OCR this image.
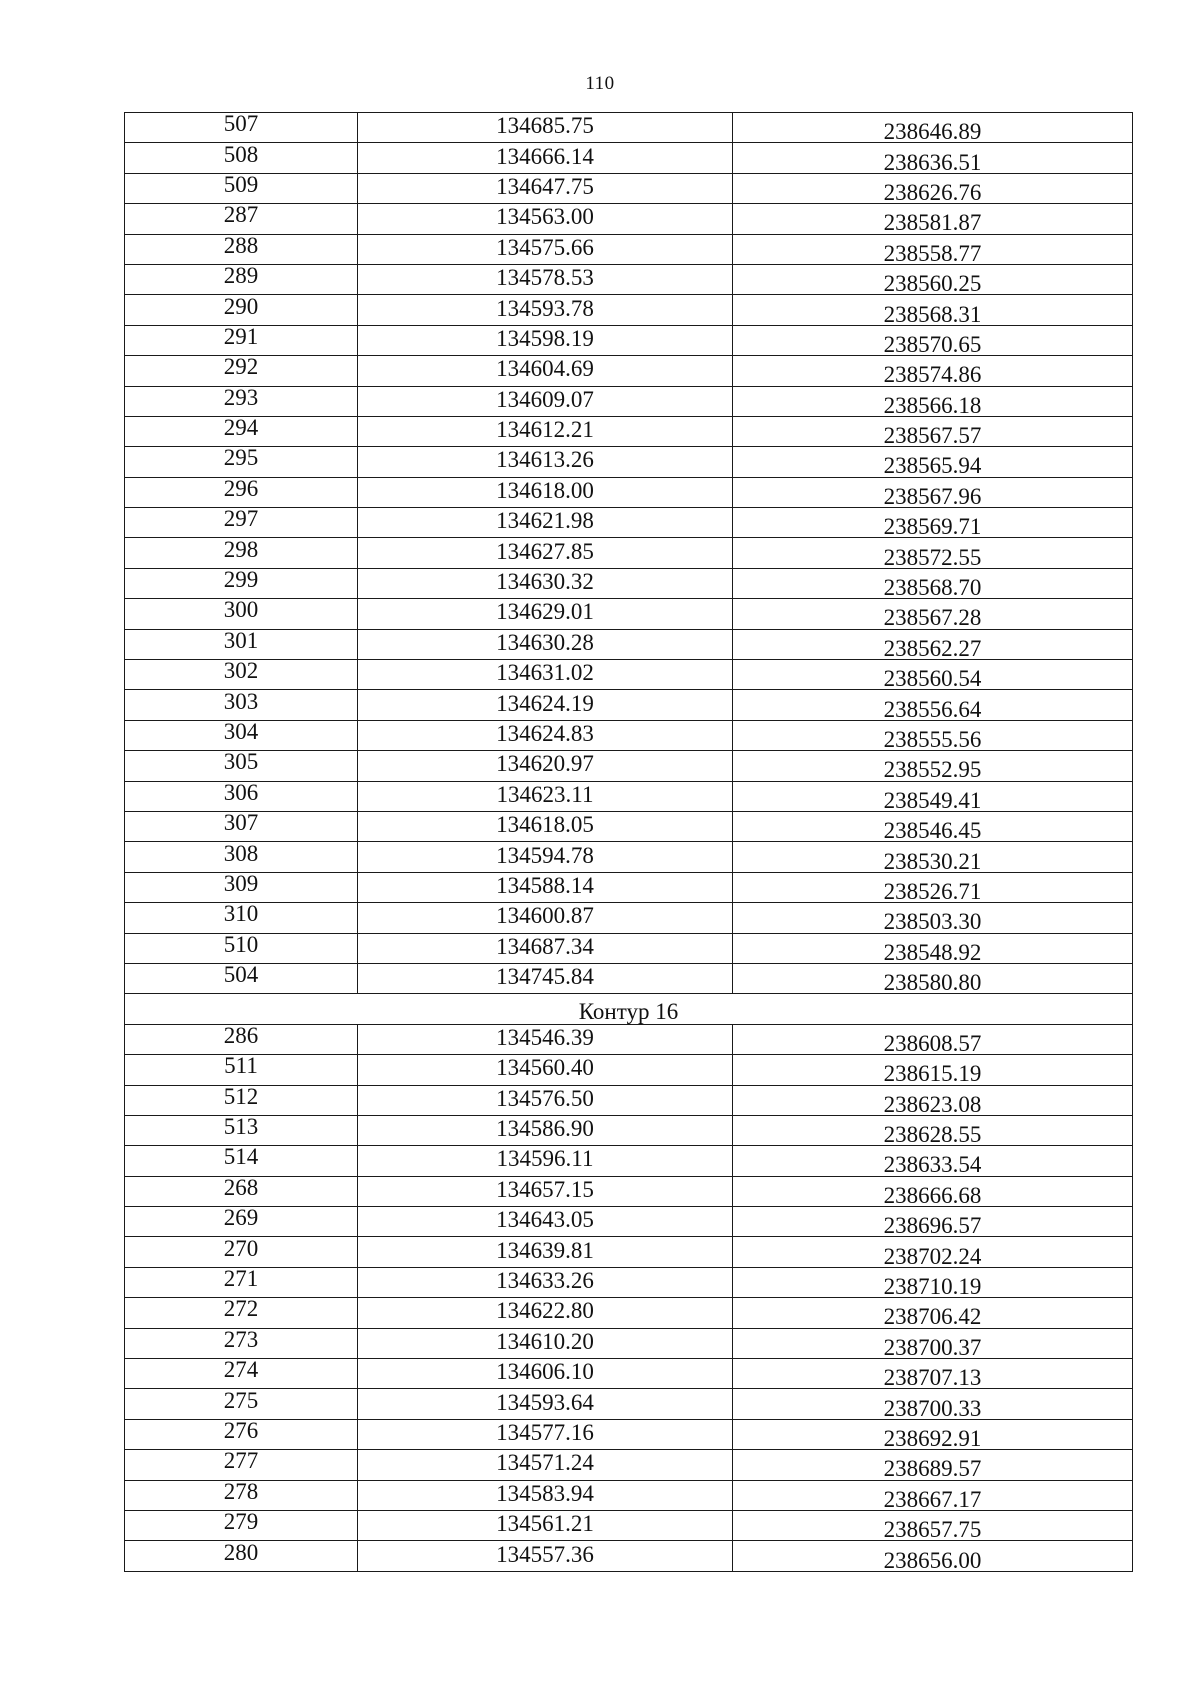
110
507	134685.75	238646.89
508	134666.14	238636.51
509	134647.75	238626.76
287	134563.00	238581.87
288	134575.66	238558.77
289	134578.53	238560.25
290	134593.78	238568.31
291	134598.19	238570.65
292	134604.69	238574.86
293	134609.07	238566.18
294	134612.21	238567.57
295	134613.26	238565.94
296	134618.00	238567.96
297	134621.98	238569.71
298	134627.85	238572.55
299	134630.32	238568.70
300	134629.01	238567.28
301	134630.28	238562.27
302	134631.02	238560.54
303	134624.19	238556.64
304	134624.83	238555.56
305	134620.97	238552.95
306	134623.11	238549.41
307	134618.05	238546.45
308	134594.78	238530.21
309	134588.14	238526.71
310	134600.87	238503.30
510	134687.34	238548.92
504	134745.84	238580.80
Контур 16		
286	134546.39	238608.57
511	134560.40	238615.19
512	134576.50	238623.08
513	134586.90	238628.55
514	134596.11	238633.54
268	134657.15	238666.68
269	134643.05	238696.57
270	134639.81	238702.24
271	134633.26	238710.19
272	134622.80	238706.42
273	134610.20	238700.37
274	134606.10	238707.13
275	134593.64	238700.33
276	134577.16	238692.91
277	134571.24	238689.57
278	134583.94	238667.17
279	134561.21	238657.75
280	134557.36	238656.00
